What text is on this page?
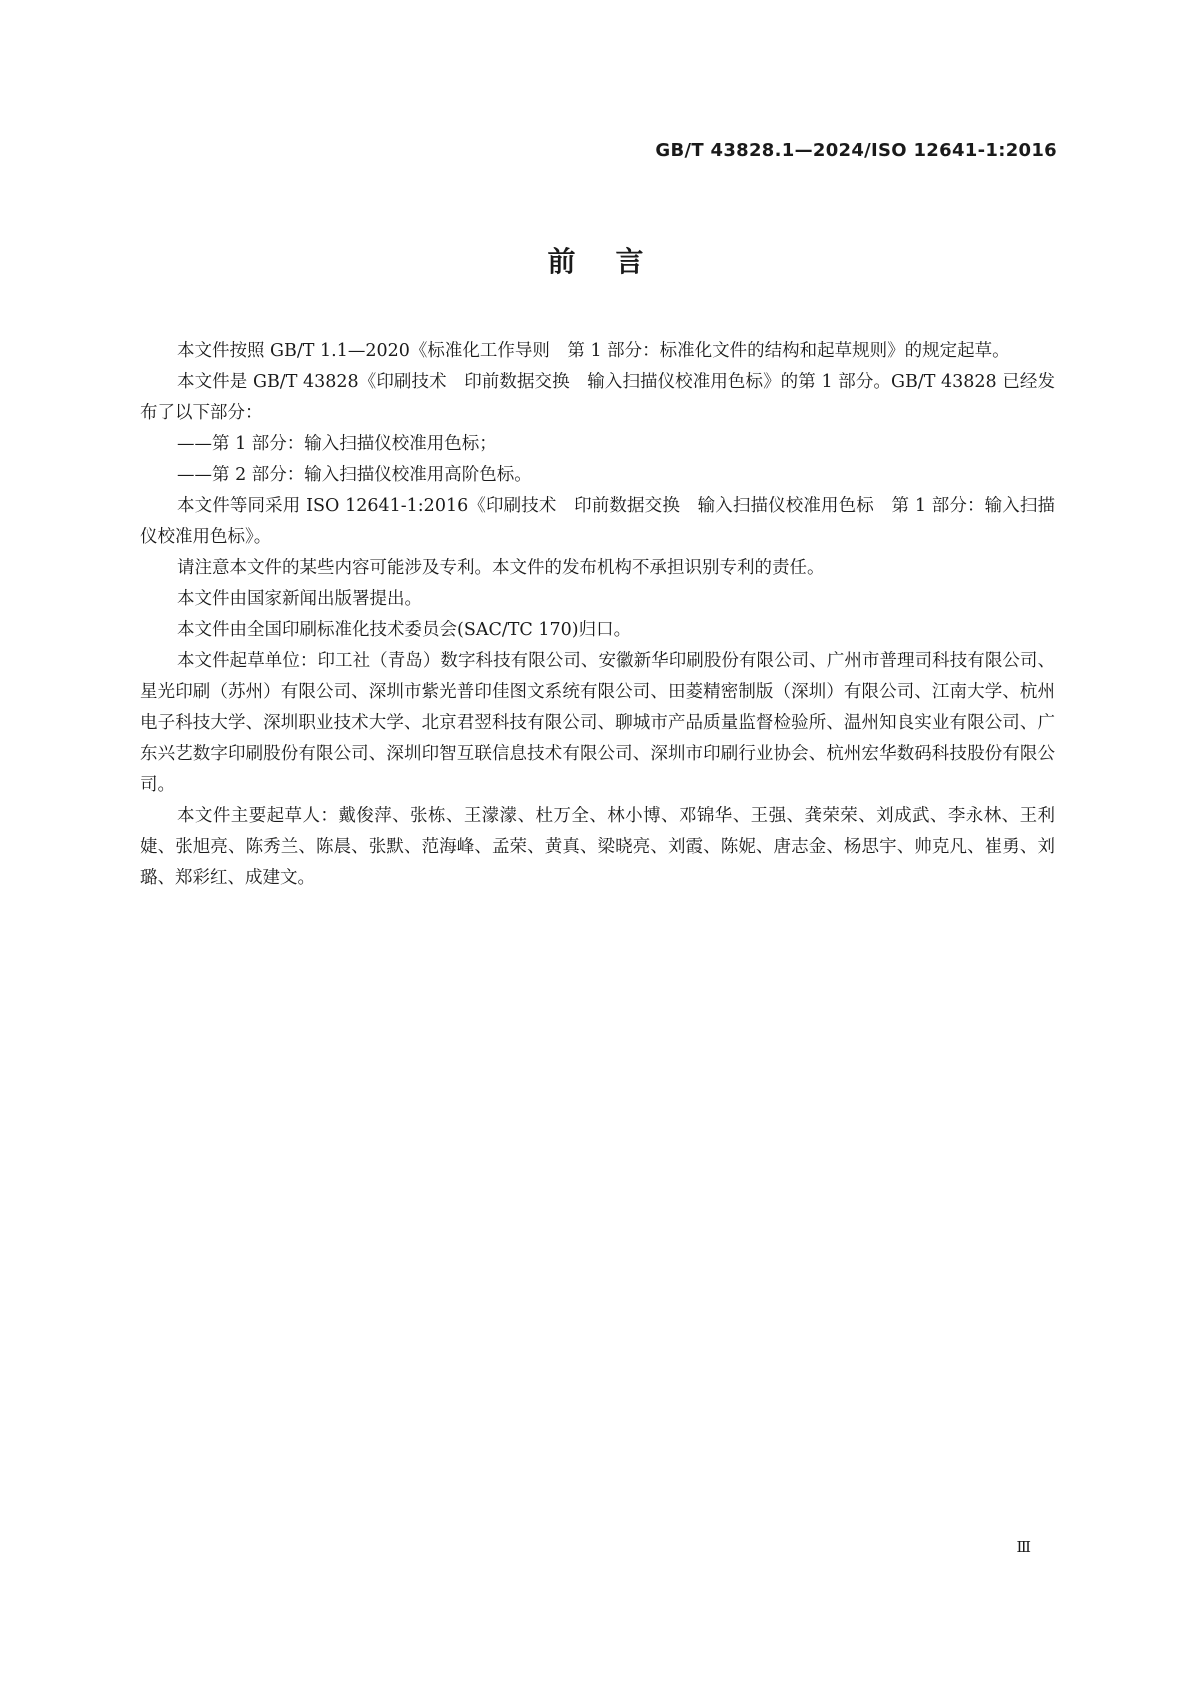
GB/T 43828.1—2024/ISO 12641-1:2016
前言

本文件按照 GB/T 1.1—2020《标准化工作导则　第 1 部分：标准化文件的结构和起草规则》的规定起草。

本文件是 GB/T 43828《印刷技术　印前数据交换　输入扫描仪校准用色标》的第 1 部分。GB/T 43828 已经发布了以下部分：

——第 1 部分：输入扫描仪校准用色标；

——第 2 部分：输入扫描仪校准用高阶色标。

本文件等同采用 ISO 12641-1:2016《印刷技术　印前数据交换　输入扫描仪校准用色标　第 1 部分：输入扫描仪校准用色标》。

请注意本文件的某些内容可能涉及专利。本文件的发布机构不承担识别专利的责任。

本文件由国家新闻出版署提出。

本文件由全国印刷标准化技术委员会(SAC/TC 170)归口。

本文件起草单位：印工社（青岛）数字科技有限公司、安徽新华印刷股份有限公司、广州市普理司科技有限公司、星光印刷（苏州）有限公司、深圳市紫光普印佳图文系统有限公司、田菱精密制版（深圳）有限公司、江南大学、杭州电子科技大学、深圳职业技术大学、北京君翌科技有限公司、聊城市产品质量监督检验所、温州知良实业有限公司、广东兴艺数字印刷股份有限公司、深圳印智互联信息技术有限公司、深圳市印刷行业协会、杭州宏华数码科技股份有限公司。

本文件主要起草人：戴俊萍、张栋、王濛濛、杜万全、林小博、邓锦华、王强、龚荣荣、刘成武、李永林、王利婕、张旭亮、陈秀兰、陈晨、张默、范海峰、孟荣、黄真、梁晓亮、刘霞、陈妮、唐志金、杨思宇、帅克凡、崔勇、刘璐、郑彩红、成建文。

Ⅲ
